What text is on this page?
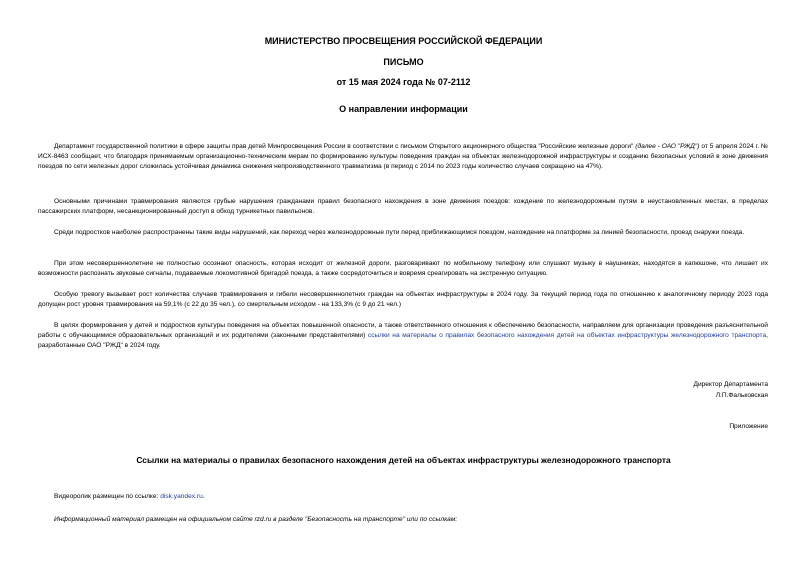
МИНИСТЕРСТВО ПРОСВЕЩЕНИЯ РОССИЙСКОЙ ФЕДЕРАЦИИ
ПИСЬМО
от 15 мая 2024 года № 07-2112
О направлении информации

Департамент государственной политики в сфере защиты прав детей Минпросвещения России в соответствии с письмом Открытого акционерного общества "Российские железные дороги" (далее - ОАО "РЖД") от 5 апреля 2024 г. № ИСХ-8463 сообщает, что благодаря принимаемым организационно-техническим мерам по формированию культуры поведения граждан на объектах железнодорожной инфраструктуры и созданию безопасных условий в зоне движения поездов по сети железных дорог сложилась устойчивая динамика снижения непроизводственного травматизма (в период с 2014 по 2023 годы количество случаев сокращено на 47%).

Основными причинами травмирования являются грубые нарушения гражданами правил безопасного нахождения в зоне движения поездов: хождение по железнодорожным путям в неустановленных местах, в пределах пассажирских платформ, несанкционированный доступ в обход турникетных павильонов.

Среди подростков наиболее распространены такие виды нарушений, как переход через железнодорожные пути перед приближающимся поездом, нахождение на платформе за линией безопасности, проезд снаружи поезда.

При этом несовершеннолетние не полностью осознают опасность, которая исходит от железной дороги, разговаривают по мобильному телефону или слушают музыку в наушниках, находятся в капюшоне, что лишает их возможности распознать звуковые сигналы, подаваемые локомотивной бригадой поезда, а также сосредоточиться и вовремя среагировать на экстренную ситуацию.

Особую тревогу вызывает рост количества случаев травмирования и гибели несовершеннолетних граждан на объектах инфраструктуры в 2024 году. За текущий период года по отношению к аналогичному периоду 2023 года допущен рост уровня травмирования на 59,1% (с 22 до 35 чел.), со смертельным исходом - на 133,3% (с 9 до 21 чел.)

В целях формирования у детей и подростков культуры поведения на объектах повышенной опасности, а также ответственного отношения к обеспечению безопасности, направляем для организации проведения разъяснительной работы с обучающимися образовательных организаций и их родителями (законными представителями) ссылки на материалы о правилах безопасного нахождения детей на объектах инфраструктуры железнодорожного транспорта, разработанные ОАО "РЖД" в 2024 году.

Директор Департамента
Л.П.Фальковская
Приложение
Ссылки на материалы о правилах безопасного нахождения детей на объектах инфраструктуры железнодорожного транспорта
Видеоролик размещен по ссылке: disk.yandex.ru.
Информационный материал размещен на официальном сайте rzd.ru в разделе "Безопасность на транспорте" или по ссылкам:
